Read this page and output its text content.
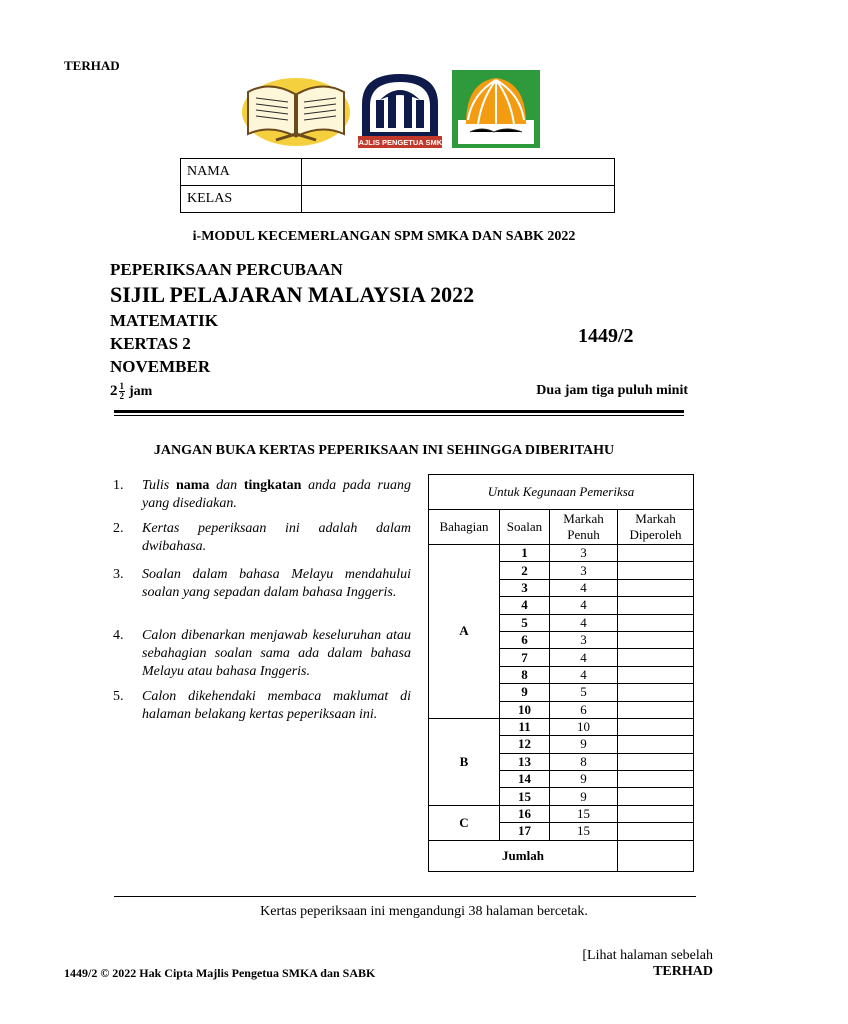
TERHAD
MAJLIS PENGETUA SMKA
NAMA	
KELAS	
i-MODUL KECEMERLANGAN SPM SMKA DAN SABK 2022
PEPERIKSAAN PERCUBAAN
SIJIL PELAJARAN MALAYSIA 2022
MATEMATIK
KERTAS 2
NOVEMBER
1449/2
$2 \frac{1}{2}$ jam	Dua jam tiga puluh minit
JANGAN BUKA KERTAS PEPERIKSAAN INI SEHINGGA DIBERITAHU
1. Tulis nama dan tingkatan anda pada ruang yang disediakan.
2. Kertas peperiksaan ini adalah dalam dwibahasa.
3. Soalan dalam bahasa Melayu mendahului soalan yang sepadan dalam bahasa Inggeris.
4. Calon dibenarkan menjawab keseluruhan atau sebahagian soalan sama ada dalam bahasa Melayu atau bahasa Inggeris.
5. Calon dikehendaki membaca maklumat di halaman belakang kertas peperiksaan ini.
Untuk Kegunaan Pemeriksa			
Bahagian	Soalan	Markah Penuh	Markah Diperoleh
A	1	3	
	2	3	
	3	4	
	4	4	
	5	4	
	6	3	
	7	4	
	8	4	
	9	5	
	10	6	
B	11	10	
	12	9	
	13	8	
	14	9	
	15	9	
C	16	15	
	17	15	
Jumlah			
Kertas peperiksaan ini mengandungi 38 halaman bercetak.
[Lihat halaman sebelah
1449/2 © 2022 Hak Cipta Majlis Pengetua SMKA dan SABK	TERHAD
